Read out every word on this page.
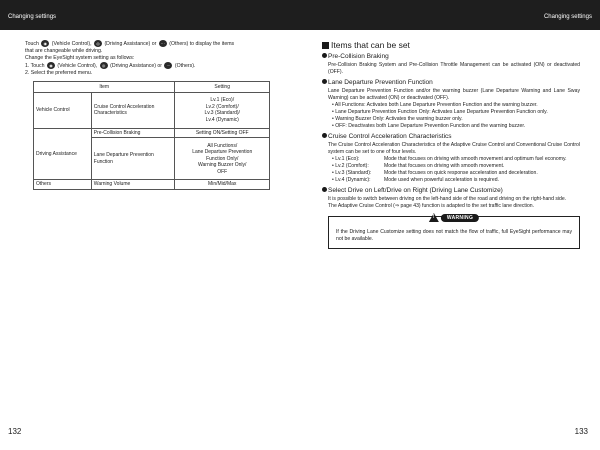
Changing settings	Changing settings

Touch ◉ (Vehicle Control), ◎ (Driving Assistance) or ··· (Others) to display the items

that are changeable while driving.

Change the EyeSight system setting as follows:

1. Touch ◉ (Vehicle Control), ◎ (Driving Assistance) or ··· (Others).

2. Select the preferred menu.

Item		Setting
Vehicle Control	Cruise Control Acceleration Characteristics	Lv.1 (Eco)/
Lv.2 (Comfort)/
Lv.3 (Standard)/
Lv.4 (Dynamic)

Driving Assistance	Pre-Collision Braking	Setting ON/Setting OFF
	Lane Departure Prevention Function	All Functions/
Lane Departure Prevention
Function Only/
Warning Buzzer Only/
OFF

Others	Warning Volume	Min/Mid/Max

Items that can be set

Pre-Collision Braking

Pre-Collision Braking System and Pre-Collision Throttle Management can be activated (ON) or deactivated (OFF).

Lane Departure Prevention Function

Lane Departure Prevention Function and/or the warning buzzer (Lane Departure Warning and Lane Sway Warning) can be activated (ON) or deactivated (OFF).

• All Functions: Activates both Lane Departure Prevention Function and the warning buzzer.

• Lane Departure Prevention Function Only: Activates Lane Departure Prevention Function only.

• Warning Buzzer Only: Activates the warning buzzer only.

• OFF: Deactivates both Lane Departure Prevention Function and the warning buzzer.

Cruise Control Acceleration Characteristics

The Cruise Control Acceleration Characteristics of the Adaptive Cruise Control and Conventional Cruise Control system can be set to one of four levels.

• Lv.1 (Eco):	Mode that focuses on driving with smooth movement and optimum fuel economy.
• Lv.2 (Comfort):	Mode that focuses on driving with smooth movement.
• Lv.3 (Standard):	Mode that focuses on quick response acceleration and deceleration.
• Lv.4 (Dynamic):	Mode used when powerful acceleration is required.

Select Drive on Left/Drive on Right (Driving Lane Customize)

It is possible to switch between driving on the left-hand side of the road and driving on the right-hand side.

The Adaptive Cruise Control (⇒ page 43) function is adapted to the set traffic lane direction.

!
WARNING

If the Driving Lane Customize setting does not match the flow of traffic, full EyeSight performance may not be available.

132	133
